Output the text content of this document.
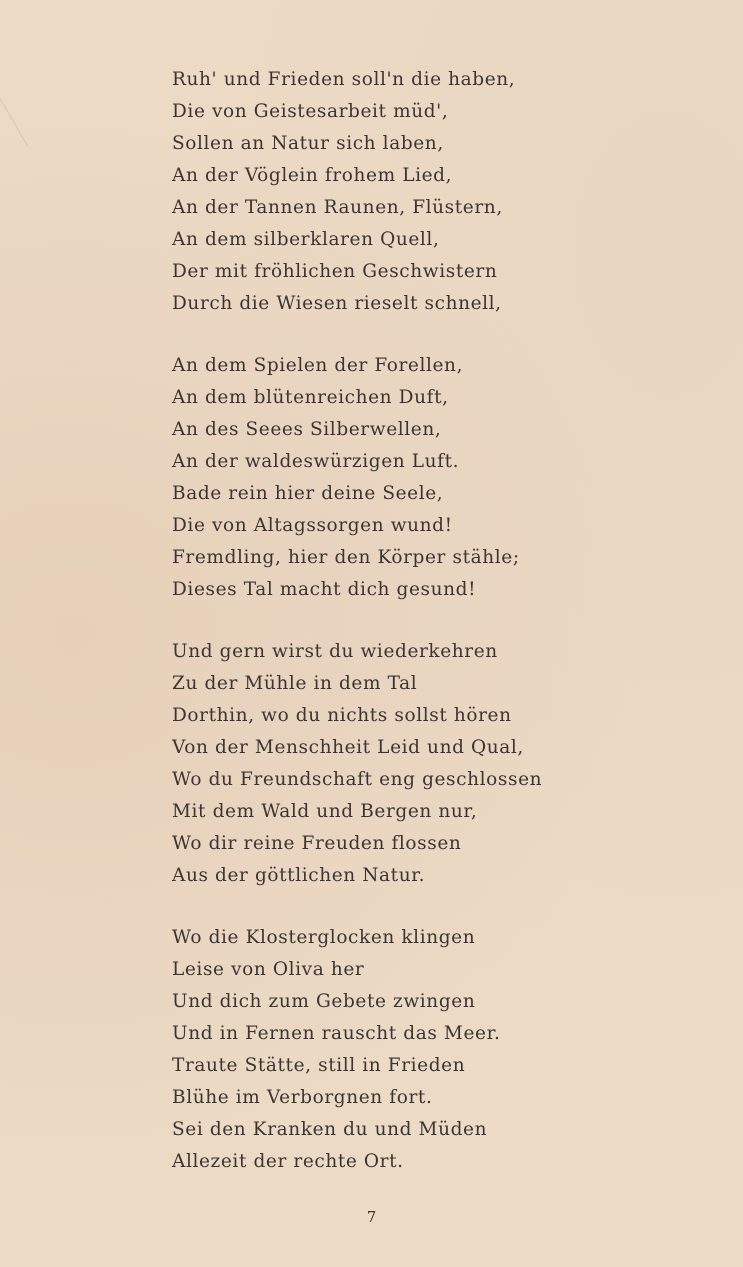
Ruh' und Frieden soll'n die haben,
Die von Geistesarbeit müd',
Sollen an Natur sich laben,
An der Vöglein frohem Lied,
An der Tannen Raunen, Flüstern,
An dem silberklaren Quell,
Der mit fröhlichen Geschwistern
Durch die Wiesen rieselt schnell,
An dem Spielen der Forellen,
An dem blütenreichen Duft,
An des Seees Silberwellen,
An der waldeswürzigen Luft.
Bade rein hier deine Seele,
Die von Altagssorgen wund!
Fremdling, hier den Körper stähle;
Dieses Tal macht dich gesund!
Und gern wirst du wiederkehren
Zu der Mühle in dem Tal
Dorthin, wo du nichts sollst hören
Von der Menschheit Leid und Qual,
Wo du Freundschaft eng geschlossen
Mit dem Wald und Bergen nur,
Wo dir reine Freuden flossen
Aus der göttlichen Natur.
Wo die Klosterglocken klingen
Leise von Oliva her
Und dich zum Gebete zwingen
Und in Fernen rauscht das Meer.
Traute Stätte, still in Frieden
Blühe im Verborgnen fort.
Sei den Kranken du und Müden
Allezeit der rechte Ort.
7
